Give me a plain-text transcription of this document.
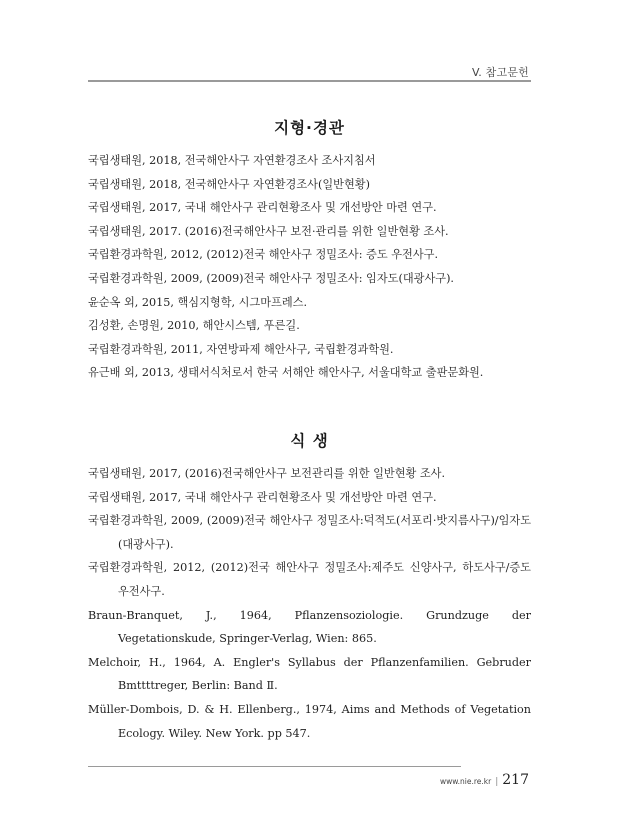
V. 참고문헌
지형·경관
국립생태원, 2018, 전국해안사구 자연환경조사 조사지침서
국립생태원, 2018, 전국해안사구 자연환경조사(일반현황)
국립생태원, 2017, 국내 해안사구 관리현황조사 및 개선방안 마련 연구.
국립생태원, 2017. (2016)전국해안사구 보전·관리를 위한 일반현황 조사.
국립환경과학원, 2012, (2012)전국 해안사구 정밀조사: 증도 우전사구.
국립환경과학원, 2009, (2009)전국 해안사구 정밀조사: 임자도(대광사구).
윤순옥 외, 2015, 핵심지형학, 시그마프레스.
김성환, 손명원, 2010, 해안시스템, 푸른길.
국립환경과학원, 2011, 자연방파제 해안사구, 국립환경과학원.
유근배 외, 2013, 생태서식처로서 한국 서해안 해안사구, 서울대학교 출판문화원.
식 생
국립생태원, 2017, (2016)전국해안사구 보전관리를 위한 일반현황 조사.
국립생태원, 2017, 국내 해안사구 관리현황조사 및 개선방안 마련 연구.
국립환경과학원, 2009, (2009)전국 해안사구 정밀조사:덕적도(서포리·밧지름사구)/임자도(대광사구).
국립환경과학원, 2012, (2012)전국 해안사구 정밀조사:제주도 신양사구, 하도사구/증도 우전사구.
Braun-Branquet, J., 1964, Pflanzensoziologie. Grundzuge der Vegetationskude, Springer-Verlag, Wien: 865.
Melchoir, H., 1964, A. Engler's Syllabus der Pflanzenfamilien. Gebruder Bmttttreger, Berlin: Band Ⅱ.
Müller-Dombois, D. & H. Ellenberg., 1974, Aims and Methods of Vegetation Ecology. Wiley. New York. pp 547.
www.nie.re.kr | 217
